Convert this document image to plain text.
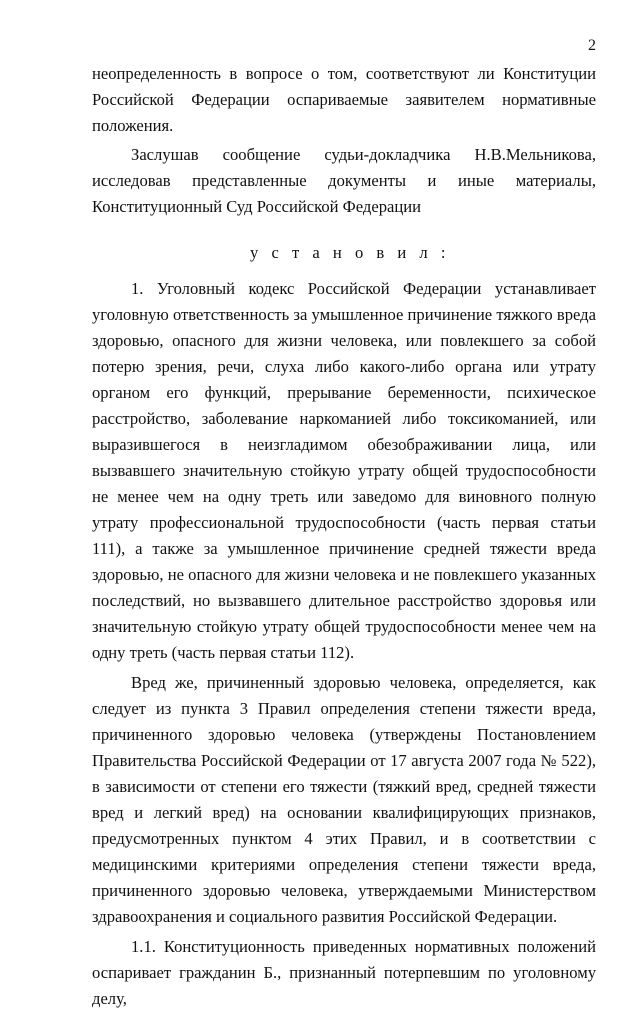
2

неопределенность в вопросе о том, соответствуют ли Конституции Российской Федерации оспариваемые заявителем нормативные положения.

Заслушав сообщение судьи-докладчика Н.В.Мельникова, исследовав представленные документы и иные материалы, Конституционный Суд Российской Федерации

у с т а н о в и л :

1. Уголовный кодекс Российской Федерации устанавливает уголовную ответственность за умышленное причинение тяжкого вреда здоровью, опасного для жизни человека, или повлекшего за собой потерю зрения, речи, слуха либо какого-либо органа или утрату органом его функций, прерывание беременности, психическое расстройство, заболевание наркоманией либо токсикоманией, или выразившегося в неизгладимом обезображивании лица, или вызвавшего значительную стойкую утрату общей трудоспособности не менее чем на одну треть или заведомо для виновного полную утрату профессиональной трудоспособности (часть первая статьи 111), а также за умышленное причинение средней тяжести вреда здоровью, не опасного для жизни человека и не повлекшего указанных последствий, но вызвавшего длительное расстройство здоровья или значительную стойкую утрату общей трудоспособности менее чем на одну треть (часть первая статьи 112).

Вред же, причиненный здоровью человека, определяется, как следует из пункта 3 Правил определения степени тяжести вреда, причиненного здоровью человека (утверждены Постановлением Правительства Российской Федерации от 17 августа 2007 года № 522), в зависимости от степени его тяжести (тяжкий вред, средней тяжести вред и легкий вред) на основании квалифицирующих признаков, предусмотренных пунктом 4 этих Правил, и в соответствии с медицинскими критериями определения степени тяжести вреда, причиненного здоровью человека, утверждаемыми Министерством здравоохранения и социального развития Российской Федерации.

1.1. Конституционность приведенных нормативных положений оспаривает гражданин Б., признанный потерпевшим по уголовному делу,
